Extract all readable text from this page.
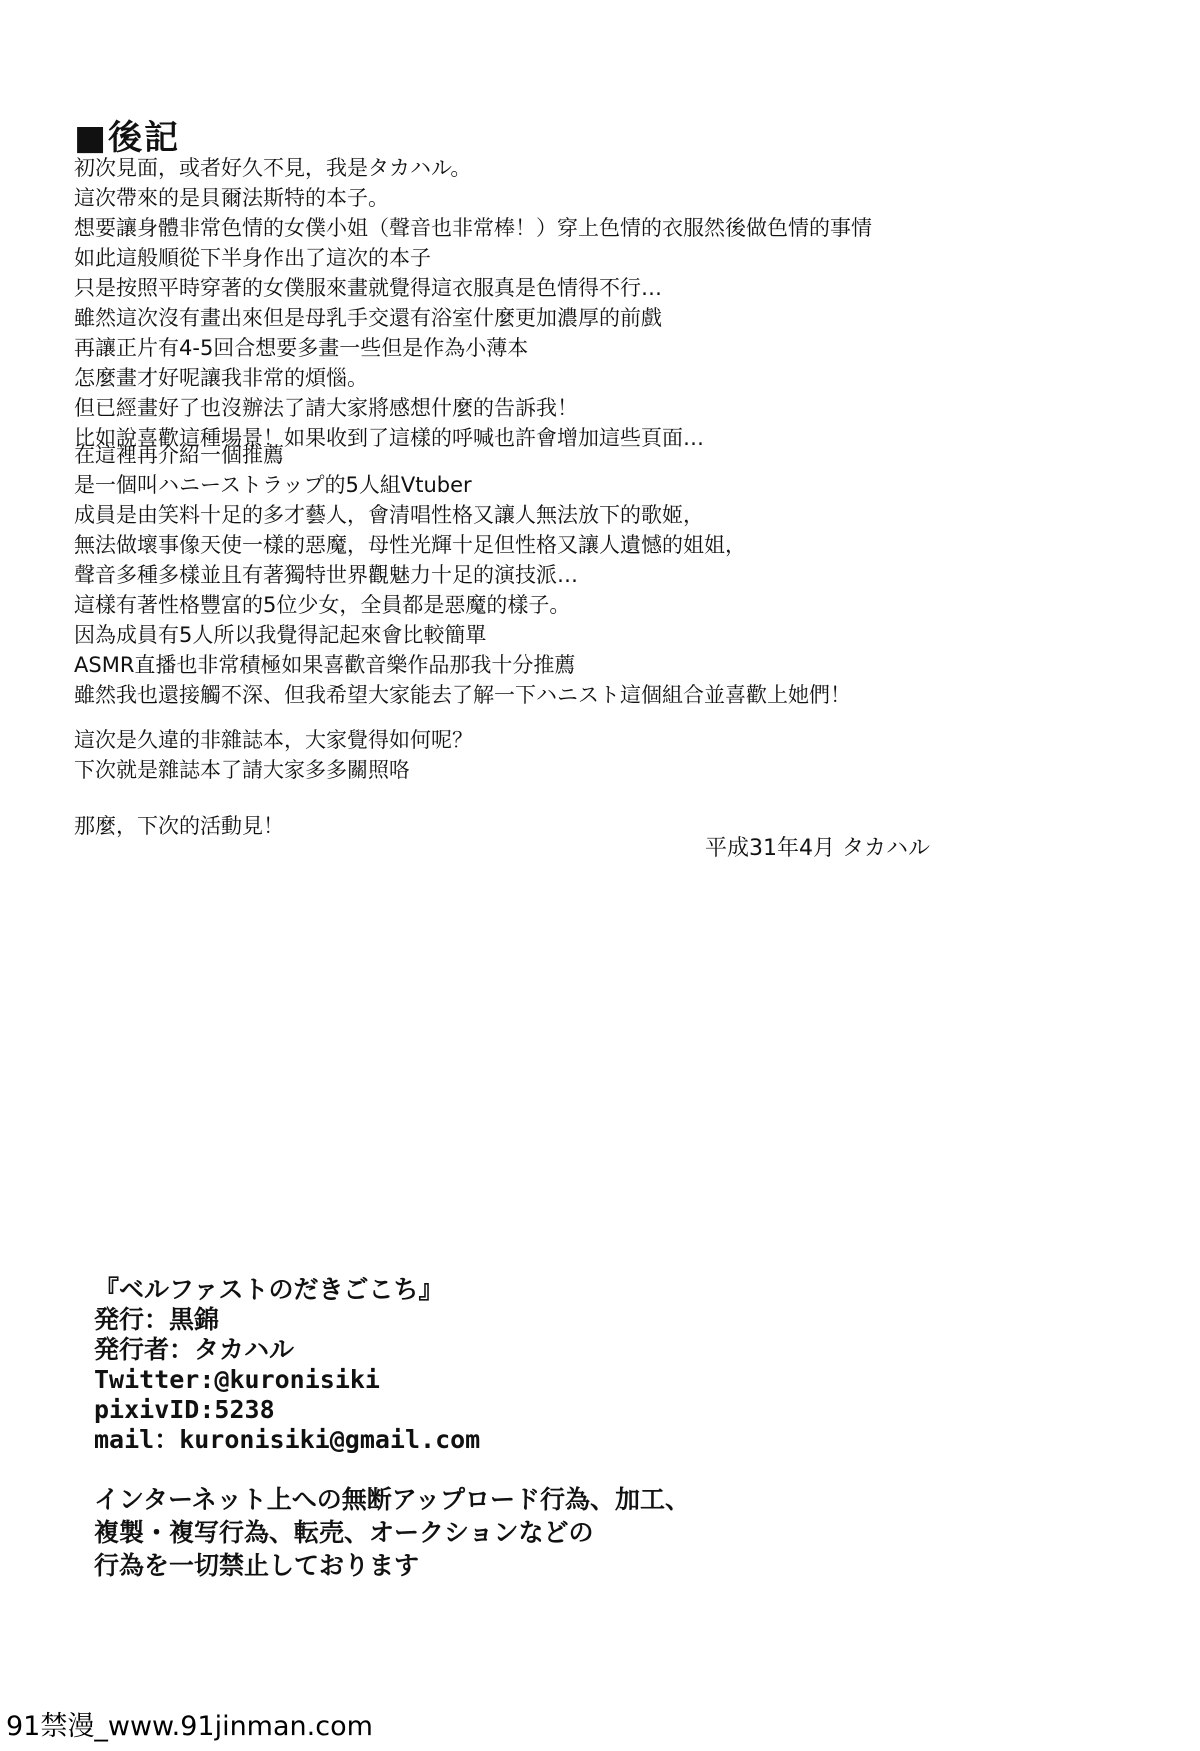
■後記
初次見面，或者好久不見，我是タカハル。
這次帶來的是貝爾法斯特的本子。
想要讓身體非常色情的女僕小姐（聲音也非常棒！）穿上色情的衣服然後做色情的事情
如此這般順從下半身作出了這次的本子
只是按照平時穿著的女僕服來畫就覺得這衣服真是色情得不行…
雖然這次沒有畫出來但是母乳手交還有浴室什麼更加濃厚的前戲
再讓正片有4-5回合想要多畫一些但是作為小薄本
怎麼畫才好呢讓我非常的煩惱。
但已經畫好了也沒辦法了請大家將感想什麼的告訴我！
比如說喜歡這種場景！如果收到了這樣的呼喊也許會增加這些頁面…
在這裡再介紹一個推薦
是一個叫ハニーストラップ的5人組Vtuber
成員是由笑料十足的多才藝人，會清唱性格又讓人無法放下的歌姬，
無法做壞事像天使一樣的惡魔，母性光輝十足但性格又讓人遺憾的姐姐，
聲音多種多樣並且有著獨特世界觀魅力十足的演技派…
這樣有著性格豐富的5位少女，全員都是惡魔的樣子。
因為成員有5人所以我覺得記起來會比較簡單
ASMR直播也非常積極如果喜歡音樂作品那我十分推薦
雖然我也還接觸不深、但我希望大家能去了解一下ハニスト這個組合並喜歡上她們！
這次是久違的非雜誌本，大家覺得如何呢？
下次就是雜誌本了請大家多多關照咯
那麼，下次的活動見！
平成31年4月 タカハル
『ベルファストのだきごこち』
発行：黒錦
発行者：タカハル
Twitter:@kuronisiki
pixivID:5238
mail：kuronisiki@gmail.com
インターネット上への無断アップロード行為、加工、
複製・複写行為、転売、オークションなどの
行為を一切禁止しております
91禁漫_www.91jinman.com
